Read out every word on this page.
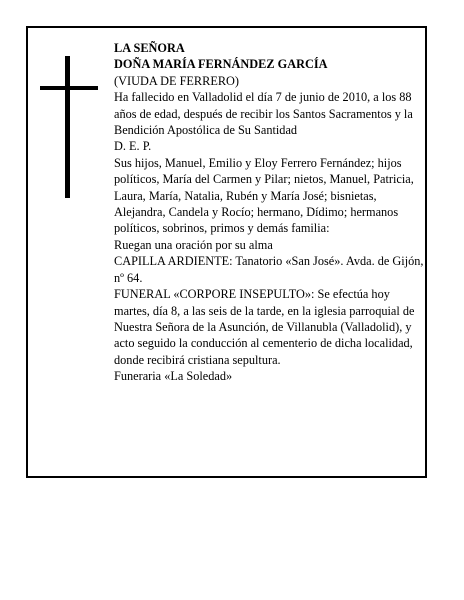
LA SEÑORA

DOÑA MARÍA FERNÁNDEZ GARCÍA

(VIUDA DE FERRERO)

Ha fallecido en Valladolid el día 7 de junio de 2010, a los 88 años de edad, después de recibir los Santos Sacramentos y la Bendición Apostólica de Su Santidad

D. E. P.

Sus hijos, Manuel, Emilio y Eloy Ferrero Fernández; hijos políticos, María del Carmen y Pilar; nietos, Manuel, Patricia, Laura, María, Natalia, Rubén y María José; bisnietas, Alejandra, Candela y Rocío; hermano, Dídimo; hermanos políticos, sobrinos, primos y demás familia:

Ruegan una oración por su alma

CAPILLA ARDIENTE: Tanatorio «San José». Avda. de Gijón, nº 64.

FUNERAL «CORPORE INSEPULTO»: Se efectúa hoy martes, día 8, a las seis de la tarde, en la iglesia parroquial de Nuestra Señora de la Asunción, de Villanubla (Valladolid), y acto seguido la conducción al cementerio de dicha localidad, donde recibirá cristiana sepultura.

Funeraria «La Soledad»
